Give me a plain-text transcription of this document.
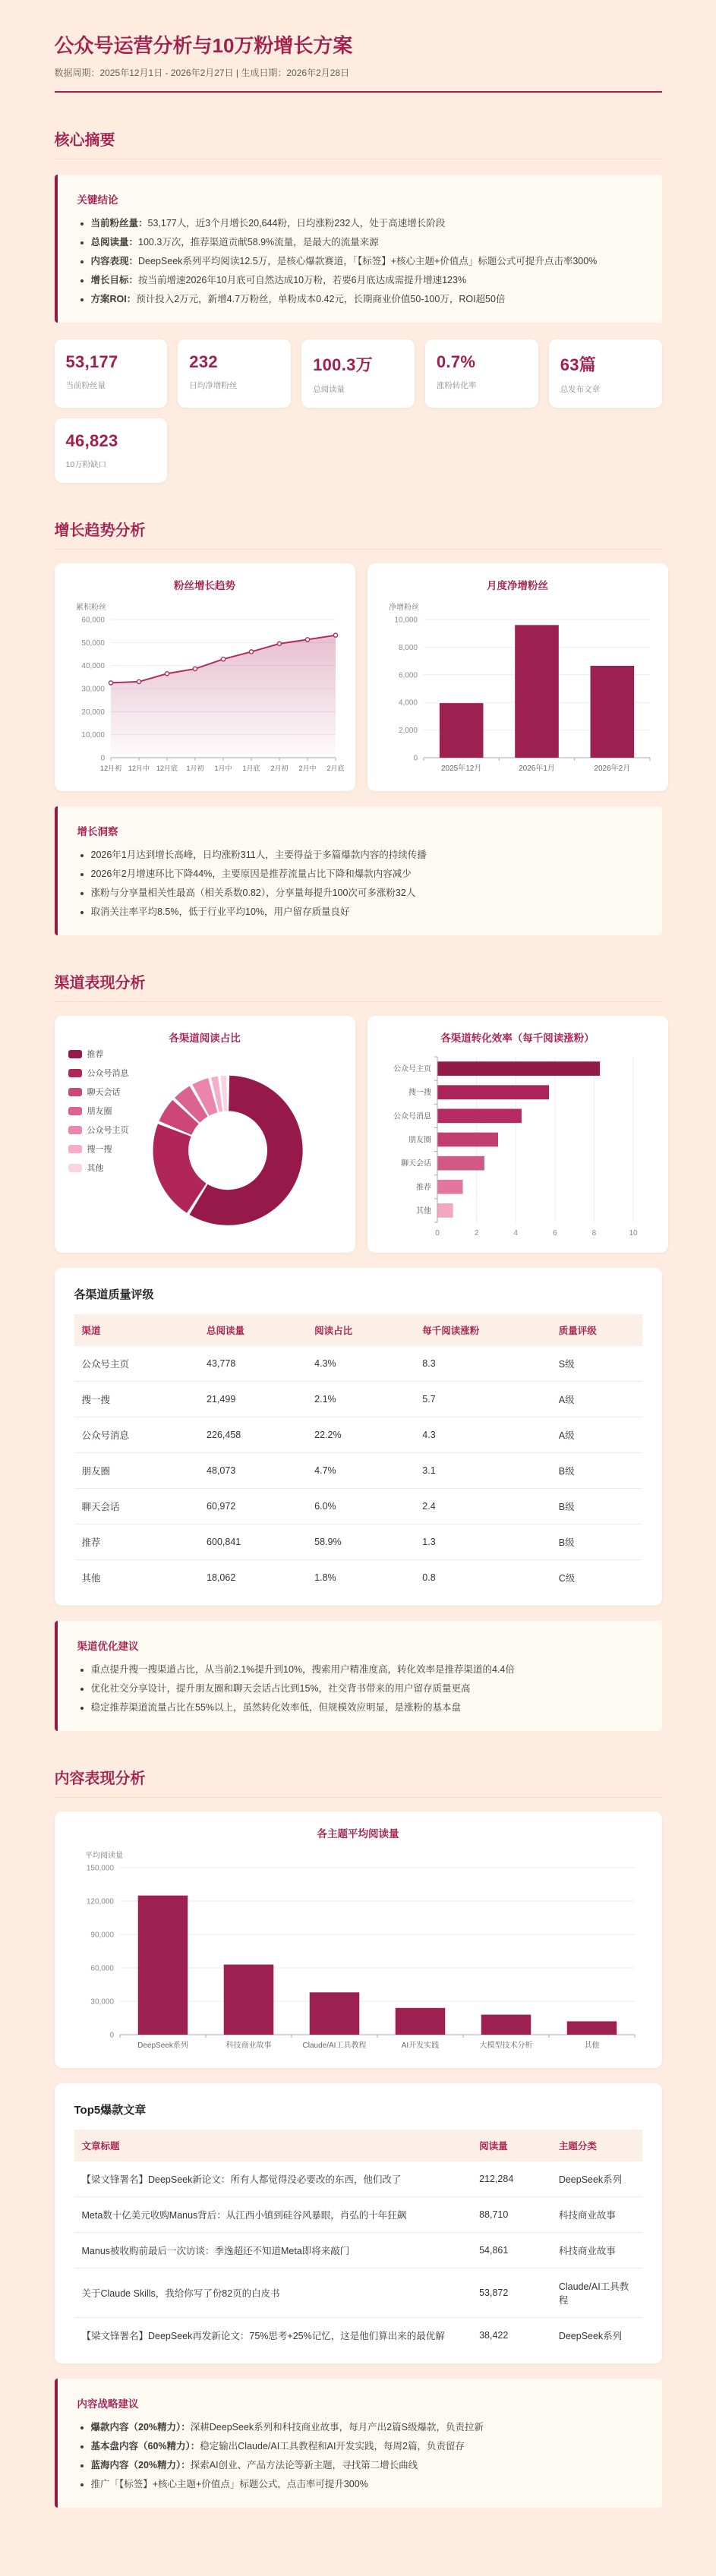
公众号运营分析与10万粉增长方案

数据周期：2025年12月1日 - 2026年2月27日 | 生成日期：2026年2月28日

核心摘要
关键结论
• 当前粉丝量：53,177人，近3个月增长20,644粉，日均涨粉232人，处于高速增长阶段
• 总阅读量：100.3万次，推荐渠道贡献58.9%流量，是最大的流量来源
• 内容表现：DeepSeek系列平均阅读12.5万，是核心爆款赛道，「【标签】+核心主题+价值点」标题公式可提升点击率300%
• 增长目标：按当前增速2026年10月底可自然达成10万粉，若要6月底达成需提升增速123%
• 方案ROI：预计投入2万元，新增4.7万粉丝，单粉成本0.42元，长期商业价值50-100万，ROI超50倍
53,177
当前粉丝量
232
日均净增粉丝
100.3万
总阅读量
0.7%
涨粉转化率
63篇
总发布文章
46,823
10万粉缺口
增长趋势分析
粉丝增长趋势
0
10,000
20,000
30,000
40,000
50,000
60,000
累积粉丝
12月初 12月中 12月底 1月初 1月中 1月底 2月初 2月中 2月底
月度净增粉丝
0
2,000
4,000
6,000
8,000
10,000
净增粉丝
2025年12月	2026年1月	2026年2月
增长洞察
• 2026年1月达到增长高峰，日均涨粉311人，主要得益于多篇爆款内容的持续传播
• 2026年2月增速环比下降44%，主要原因是推荐流量占比下降和爆款内容减少
• 涨粉与分享量相关性最高（相关系数0.82），分享量每提升100次可多涨粉32人
• 取消关注率平均8.5%，低于行业平均10%，用户留存质量良好
渠道表现分析
各渠道阅读占比
推荐
公众号消息
聊天会话
朋友圈
公众号主页
搜一搜
其他
各渠道转化效率（每千阅读涨粉）
0	2	4	6	8	10
公众号主页
搜一搜
公众号消息
朋友圈
聊天会话
推荐
其他
各渠道质量评级
渠道	总阅读量	阅读占比	每千阅读涨粉	质量评级
公众号主页	43,778	4.3%	8.3	S级
搜一搜	21,499	2.1%	5.7	A级
公众号消息	226,458	22.2%	4.3	A级
朋友圈	48,073	4.7%	3.1	B级
聊天会话	60,972	6.0%	2.4	B级
推荐	600,841	58.9%	1.3	B级
其他	18,062	1.8%	0.8	C级
渠道优化建议
• 重点提升搜一搜渠道占比，从当前2.1%提升到10%，搜索用户精准度高，转化效率是推荐渠道的4.4倍
• 优化社交分享设计，提升朋友圈和聊天会话占比到15%，社交背书带来的用户留存质量更高
• 稳定推荐渠道流量占比在55%以上，虽然转化效率低，但规模效应明显，是涨粉的基本盘
内容表现分析
各主题平均阅读量
0
30,000
60,000
90,000
120,000
150,000
平均阅读量
DeepSeek系列	科技商业故事	Claude/AI工具教程	AI开发实践	大模型技术分析	其他
Top5爆款文章
文章标题	阅读量	主题分类
【梁文锋署名】DeepSeek新论文：所有人都觉得没必要改的东西，他们改了	212,284	DeepSeek系列
Meta数十亿美元收购Manus背后：从江西小镇到硅谷风暴眼，肖弘的十年狂飙	88,710	科技商业故事
Manus被收购前最后一次访谈：季逸超还不知道Meta即将来敲门	54,861	科技商业故事
关于Claude Skills，我给你写了份82页的白皮书	53,872	Claude/AI工具教程
【梁文锋署名】DeepSeek再发新论文：75%思考+25%记忆，这是他们算出来的最优解	38,422	DeepSeek系列
内容战略建议
• 爆款内容（20%精力）：深耕DeepSeek系列和科技商业故事，每月产出2篇S级爆款，负责拉新
• 基本盘内容（60%精力）：稳定输出Claude/AI工具教程和AI开发实践，每周2篇，负责留存
• 蓝海内容（20%精力）：探索AI创业、产品方法论等新主题，寻找第二增长曲线
• 推广「【标签】+核心主题+价值点」标题公式，点击率可提升300%
